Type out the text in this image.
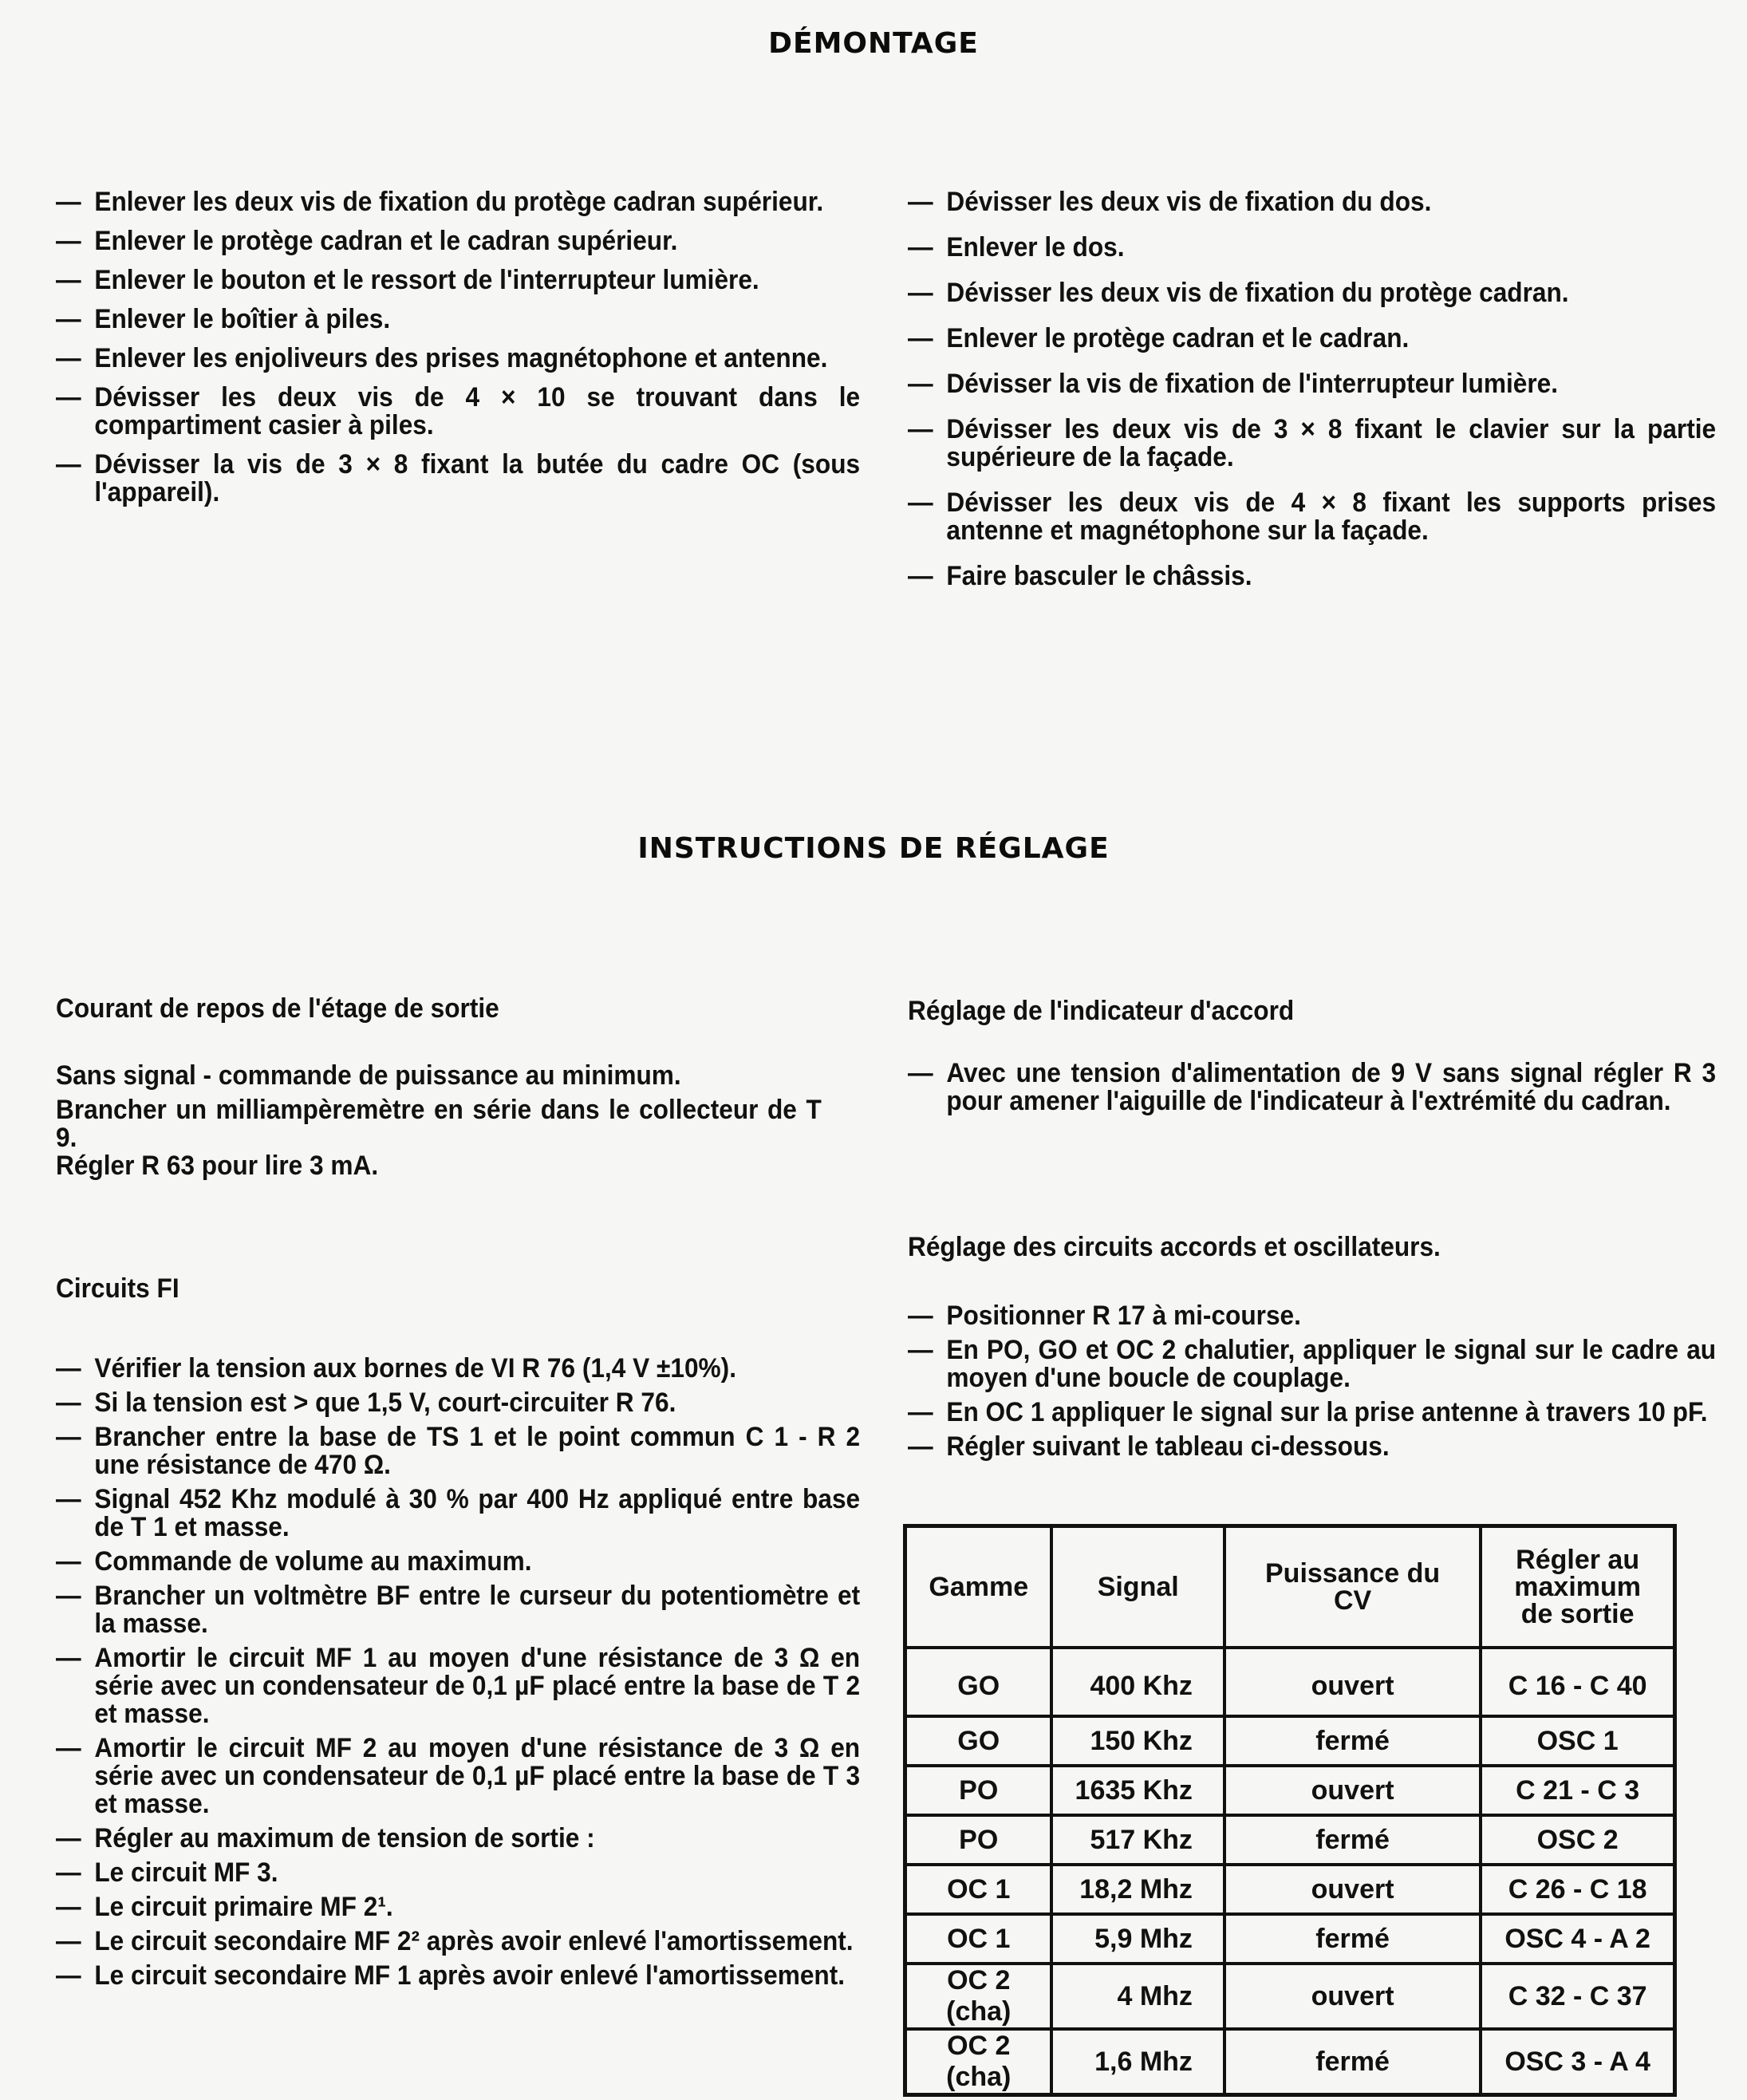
DÉMONTAGE
— Enlever les deux vis de fixation du protège cadran supérieur.
— Enlever le protège cadran et le cadran supérieur.
— Enlever le bouton et le ressort de l'interrupteur lumière.
— Enlever le boîtier à piles.
— Enlever les enjoliveurs des prises magnétophone et antenne.
— Dévisser les deux vis de 4 × 10 se trouvant dans le compartiment casier à piles.
— Dévisser la vis de 3 × 8 fixant la butée du cadre OC (sous l'appareil).
— Dévisser les deux vis de fixation du dos.
— Enlever le dos.
— Dévisser les deux vis de fixation du protège cadran.
— Enlever le protège cadran et le cadran.
— Dévisser la vis de fixation de l'interrupteur lumière.
— Dévisser les deux vis de 3 × 8 fixant le clavier sur la partie supérieure de la façade.
— Dévisser les deux vis de 4 × 8 fixant les supports prises antenne et magnétophone sur la façade.
— Faire basculer le châssis.
INSTRUCTIONS DE RÉGLAGE
Courant de repos de l'étage de sortie

Sans signal - commande de puissance au minimum.

Brancher un milliampèremètre en série dans le collecteur de T 9.

Régler R 63 pour lire 3 mA.

Circuits FI
— Vérifier la tension aux bornes de VI R 76 (1,4 V ±10%).
— Si la tension est > que 1,5 V, court-circuiter R 76.
— Brancher entre la base de TS 1 et le point commun C 1 - R 2 une résistance de 470 Ω.
— Signal 452 Khz modulé à 30 % par 400 Hz appliqué entre base de T 1 et masse.
— Commande de volume au maximum.
— Brancher un voltmètre BF entre le curseur du potentiomètre et la masse.
— Amortir le circuit MF 1 au moyen d'une résistance de 3 Ω en série avec un condensateur de 0,1 µF placé entre la base de T 2 et masse.
— Amortir le circuit MF 2 au moyen d'une résistance de 3 Ω en série avec un condensateur de 0,1 µF placé entre la base de T 3 et masse.
— Régler au maximum de tension de sortie :
— Le circuit MF 3.
— Le circuit primaire MF 2¹.
— Le circuit secondaire MF 2² après avoir enlevé l'amortissement.
— Le circuit secondaire MF 1 après avoir enlevé l'amortissement.
Réglage de l'indicateur d'accord
— Avec une tension d'alimentation de 9 V sans signal régler R 3 pour amener l'aiguille de l'indicateur à l'extrémité du cadran.
Réglage des circuits accords et oscillateurs.
— Positionner R 17 à mi-course.
— En PO, GO et OC 2 chalutier, appliquer le signal sur le cadre au moyen d'une boucle de couplage.
— En OC 1 appliquer le signal sur la prise antenne à travers 10 pF.
— Régler suivant le tableau ci-dessous.
Gamme	Signal	Puissance du CV	Régler au maximum de sortie
GO	400 Khz	ouvert	C 16 - C 40
GO	150 Khz	fermé	OSC 1
PO	1635 Khz	ouvert	C 21 - C 3
PO	517 Khz	fermé	OSC 2
OC 1	18,2 Mhz	ouvert	C 26 - C 18
OC 1	5,9 Mhz	fermé	OSC 4 - A 2
OC 2 (cha)	4 Mhz	ouvert	C 32 - C 37
OC 2 (cha)	1,6 Mhz	fermé	OSC 3 - A 4
